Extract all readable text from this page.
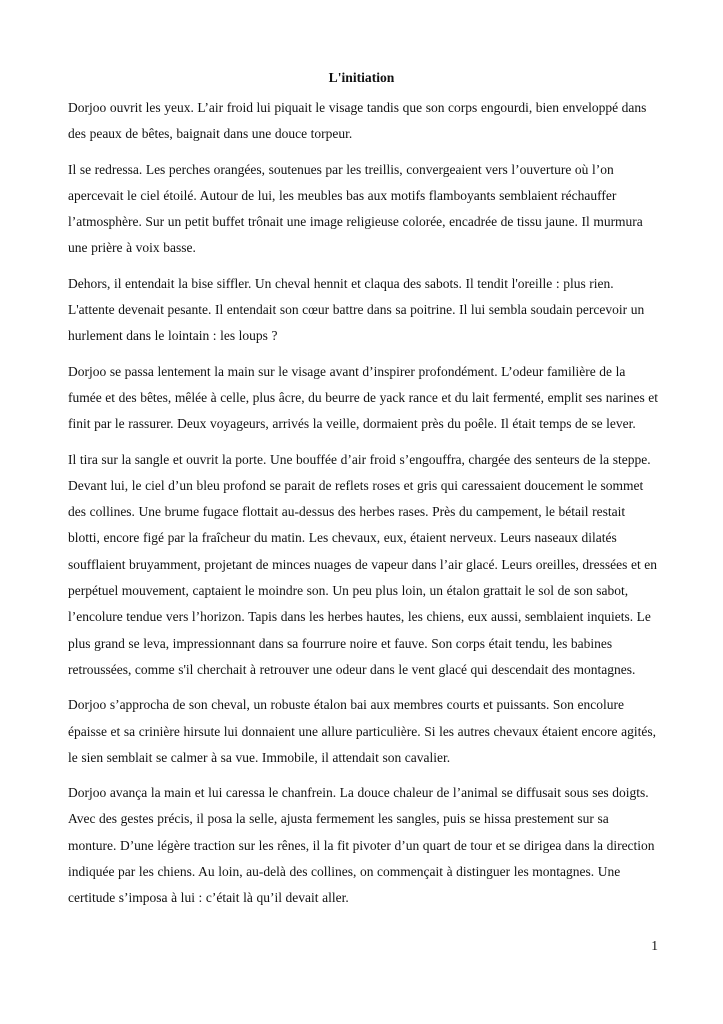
L'initiation

Dorjoo ouvrit les yeux. L’air froid lui piquait le visage tandis que son corps engourdi, bien enveloppé dans des peaux de bêtes, baignait dans une douce torpeur.

Il se redressa. Les perches orangées, soutenues par les treillis, convergeaient vers l’ouverture où l’on apercevait le ciel étoilé. Autour de lui, les meubles bas aux motifs flamboyants semblaient réchauffer l’atmosphère. Sur un petit buffet trônait une image religieuse colorée, encadrée de tissu jaune. Il murmura une prière à voix basse.

Dehors, il entendait la bise siffler. Un cheval hennit et claqua des sabots. Il tendit l'oreille : plus rien. L'attente devenait pesante. Il entendait son cœur battre dans sa poitrine. Il lui sembla soudain percevoir un hurlement dans le lointain : les loups ?

Dorjoo se passa lentement la main sur le visage avant d’inspirer profondément. L’odeur familière de la fumée et des bêtes, mêlée à celle, plus âcre, du beurre de yack rance et du lait fermenté, emplit ses narines et finit par le rassurer. Deux voyageurs, arrivés la veille, dormaient près du poêle. Il était temps de se lever.

Il tira sur la sangle et ouvrit la porte. Une bouffée d’air froid s’engouffra, chargée des senteurs de la steppe. Devant lui, le ciel d’un bleu profond se parait de reflets roses et gris qui caressaient doucement le sommet des collines. Une brume fugace flottait au-dessus des herbes rases. Près du campement, le bétail restait blotti, encore figé par la fraîcheur du matin. Les chevaux, eux, étaient nerveux. Leurs naseaux dilatés soufflaient bruyamment, projetant de minces nuages de vapeur dans l’air glacé. Leurs oreilles, dressées et en perpétuel mouvement, captaient le moindre son. Un peu plus loin, un étalon grattait le sol de son sabot, l’encolure tendue vers l’horizon. Tapis dans les herbes hautes, les chiens, eux aussi, semblaient inquiets. Le plus grand se leva, impressionnant dans sa fourrure noire et fauve. Son corps était tendu, les babines retroussées, comme s'il cherchait à retrouver une odeur dans le vent glacé qui descendait des montagnes.

Dorjoo s’approcha de son cheval, un robuste étalon bai aux membres courts et puissants. Son encolure épaisse et sa crinière hirsute lui donnaient une allure particulière. Si les autres chevaux étaient encore agités, le sien semblait se calmer à sa vue. Immobile, il attendait son cavalier.

Dorjoo avança la main et lui caressa le chanfrein. La douce chaleur de l’animal se diffusait sous ses doigts. Avec des gestes précis, il posa la selle, ajusta fermement les sangles, puis se hissa prestement sur sa monture. D’une légère traction sur les rênes, il la fit pivoter d’un quart de tour et se dirigea dans la direction indiquée par les chiens. Au loin, au-delà des collines, on commençait à distinguer les montagnes. Une certitude s’imposa à lui : c’était là qu’il devait aller.

1
